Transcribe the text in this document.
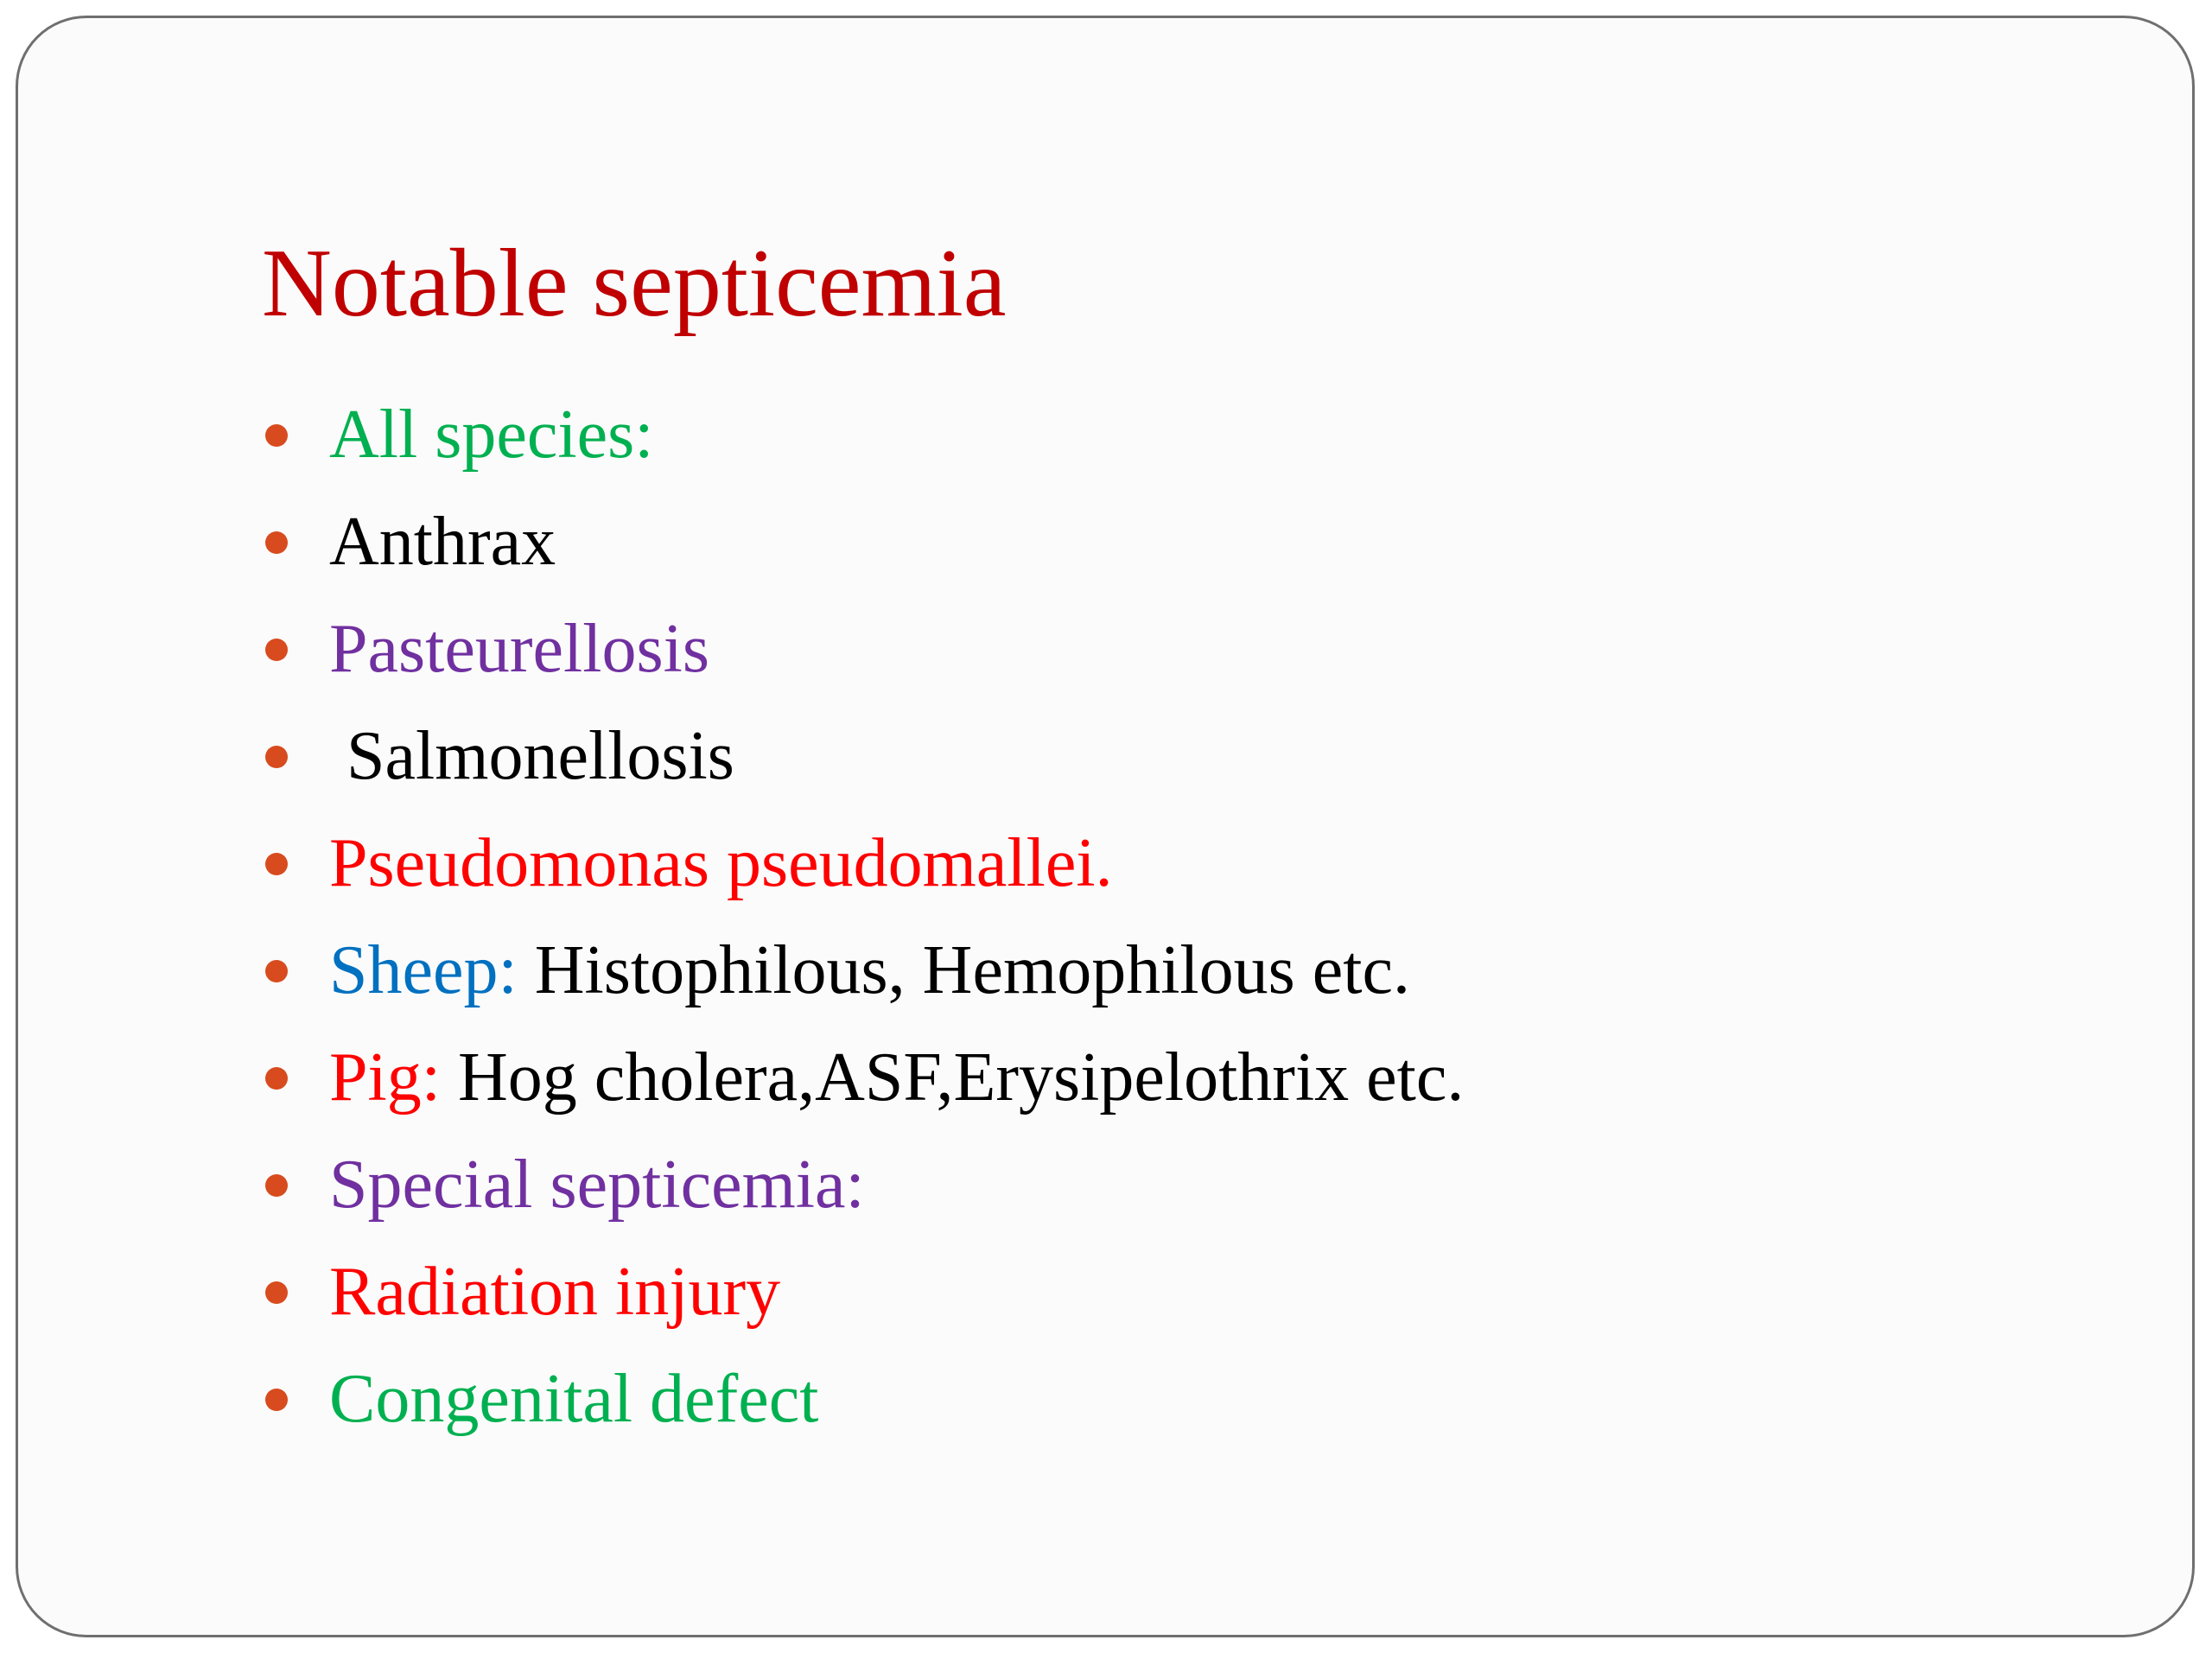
Notable septicemia
All species:
Anthrax
Pasteurellosis
Salmonellosis
Pseudomonas pseudomallei.
Sheep: Histophilous, Hemophilous etc.
Pig: Hog cholera,ASF,Erysipelothrix etc.
Special septicemia:
Radiation injury
Congenital defect
